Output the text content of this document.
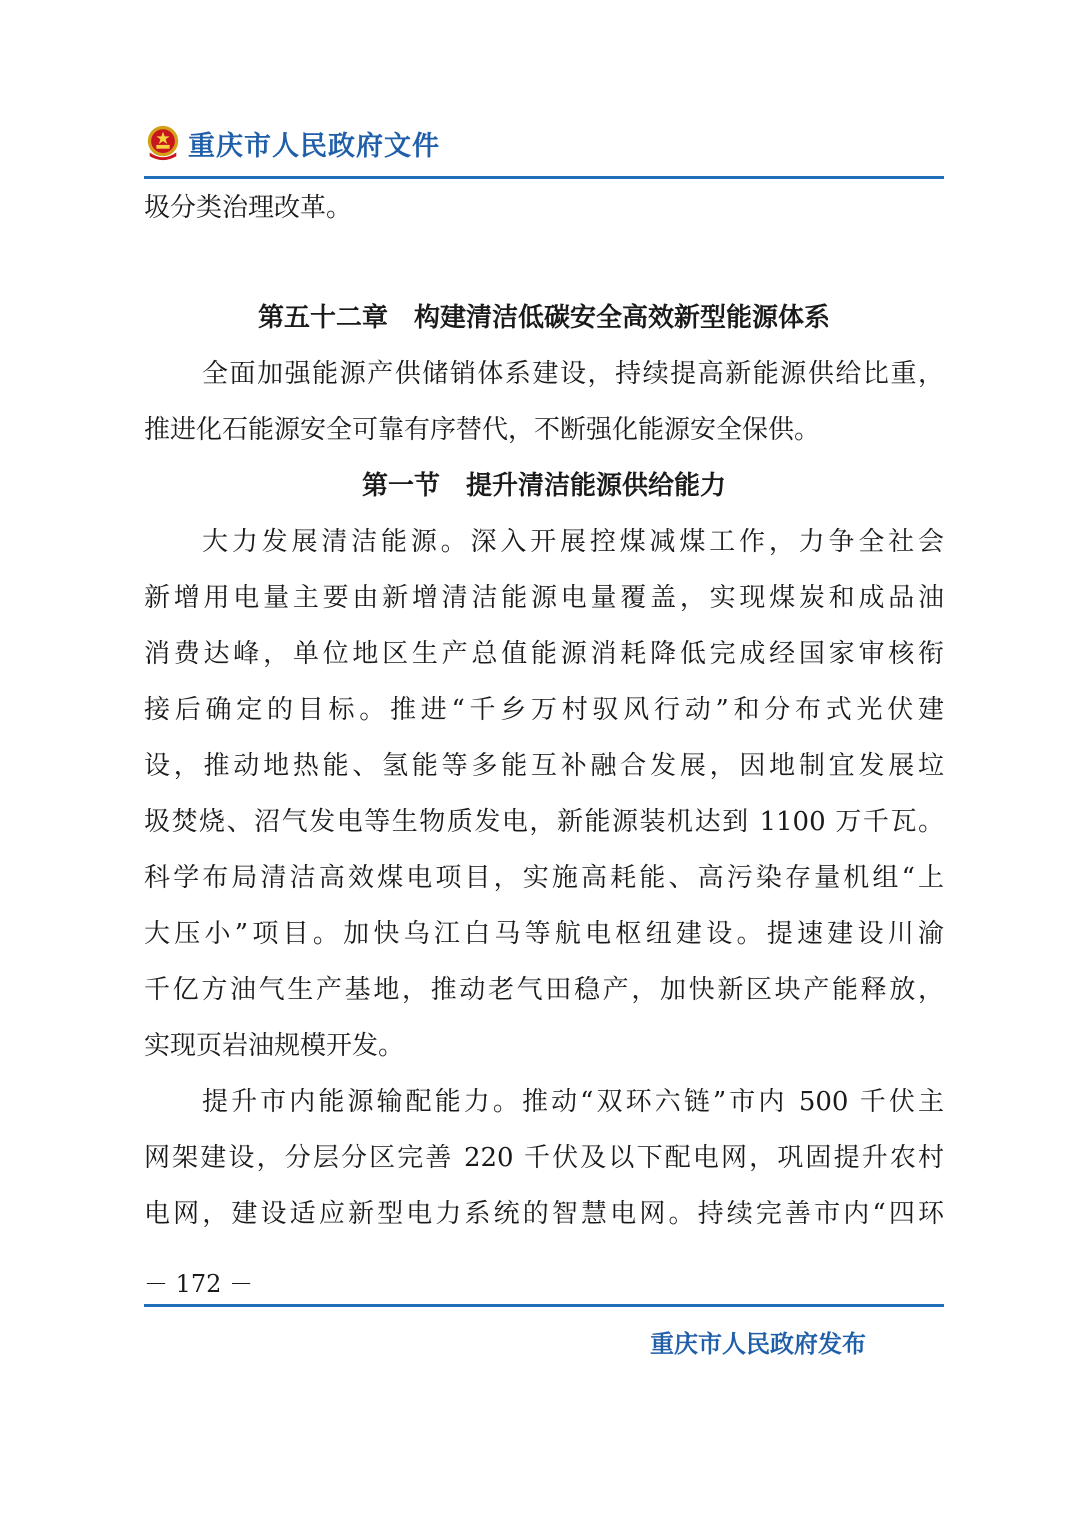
重庆市人民政府文件
圾分类治理改革。
第五十二章　构建清洁低碳安全高效新型能源体系
全面加强能源产供储销体系建设，持续提高新能源供给比重，
推进化石能源安全可靠有序替代，不断强化能源安全保供。
第一节　提升清洁能源供给能力
大力发展清洁能源。深入开展控煤减煤工作，力争全社会
新增用电量主要由新增清洁能源电量覆盖，实现煤炭和成品油
消费达峰，单位地区生产总值能源消耗降低完成经国家审核衔
接后确定的目标。推进“千乡万村驭风行动”和分布式光伏建
设，推动地热能、氢能等多能互补融合发展，因地制宜发展垃
圾焚烧、沼气发电等生物质发电，新能源装机达到 1100 万千瓦。
科学布局清洁高效煤电项目，实施高耗能、高污染存量机组“上
大压小”项目。加快乌江白马等航电枢纽建设。提速建设川渝
千亿方油气生产基地，推动老气田稳产，加快新区块产能释放，
实现页岩油规模开发。
提升市内能源输配能力。推动“双环六链”市内 500 千伏主
网架建设，分层分区完善 220 千伏及以下配电网，巩固提升农村
电网，建设适应新型电力系统的智慧电网。持续完善市内“四环
－ 172 －
重庆市人民政府发布
